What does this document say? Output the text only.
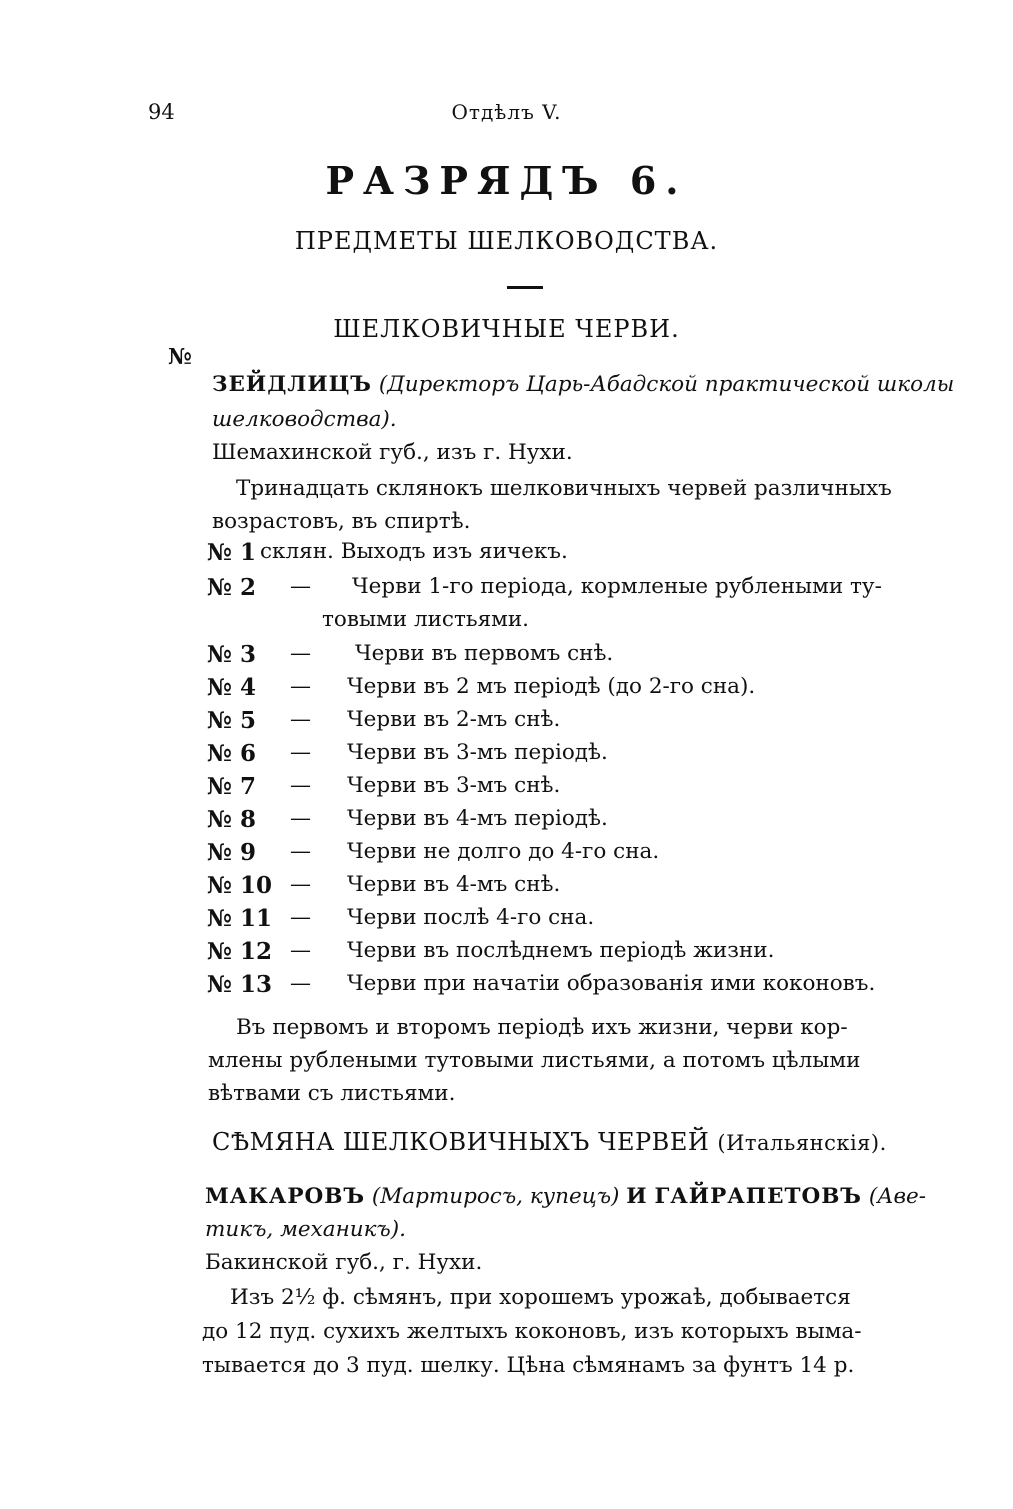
94	Отдѣлъ V.
РАЗРЯДЪ 6.
ПРЕДМЕТЫ ШЕЛКОВОДСТВА.
ШЕЛКОВИЧНЫЕ ЧЕРВИ.
№
ЗЕЙДЛИЦЪ (Директоръ Царь-Абадской практической школы
шелководства).
Шемахинской губ., изъ г. Нухи.
Тринадцать склянокъ шелковичныхъ червей различныхъ
возрастовъ, въ спиртѣ.
№ 1 склян. Выходъ изъ яичекъ.
№ 2 — Черви 1-го періода, кормленые рублеными ту-
товыми листьями.
№ 3 — Черви въ первомъ снѣ.
№ 4 — Черви въ 2 мъ періодѣ (до 2-го сна).
№ 5 — Черви въ 2-мъ снѣ.
№ 6 — Черви въ 3-мъ періодѣ.
№ 7 — Черви въ 3-мъ снѣ.
№ 8 — Черви въ 4-мъ періодѣ.
№ 9 — Черви не долго до 4-го сна.
№ 10 — Черви въ 4-мъ снѣ.
№ 11 — Черви послѣ 4-го сна.
№ 12 — Черви въ послѣднемъ періодѣ жизни.
№ 13 — Черви при начатіи образованія ими коконовъ.
Въ первомъ и второмъ періодѣ ихъ жизни, черви кор-
млены рублеными тутовыми листьями, а потомъ цѣлыми
вѣтвами съ листьями.
СѢМЯНА ШЕЛКОВИЧНЫХЪ ЧЕРВЕЙ (Итальянскія).
МАКАРОВЪ (Мартиросъ, купецъ) И ГАЙРАПЕТОВЪ (Аве-
тикъ, механикъ).
Бакинской губ., г. Нухи.
Изъ 2½ ф. сѣмянъ, при хорошемъ урожаѣ, добывается
до 12 пуд. сухихъ желтыхъ коконовъ, изъ которыхъ выма-
тывается до 3 пуд. шелку. Цѣна сѣмянамъ за фунтъ 14 р.
